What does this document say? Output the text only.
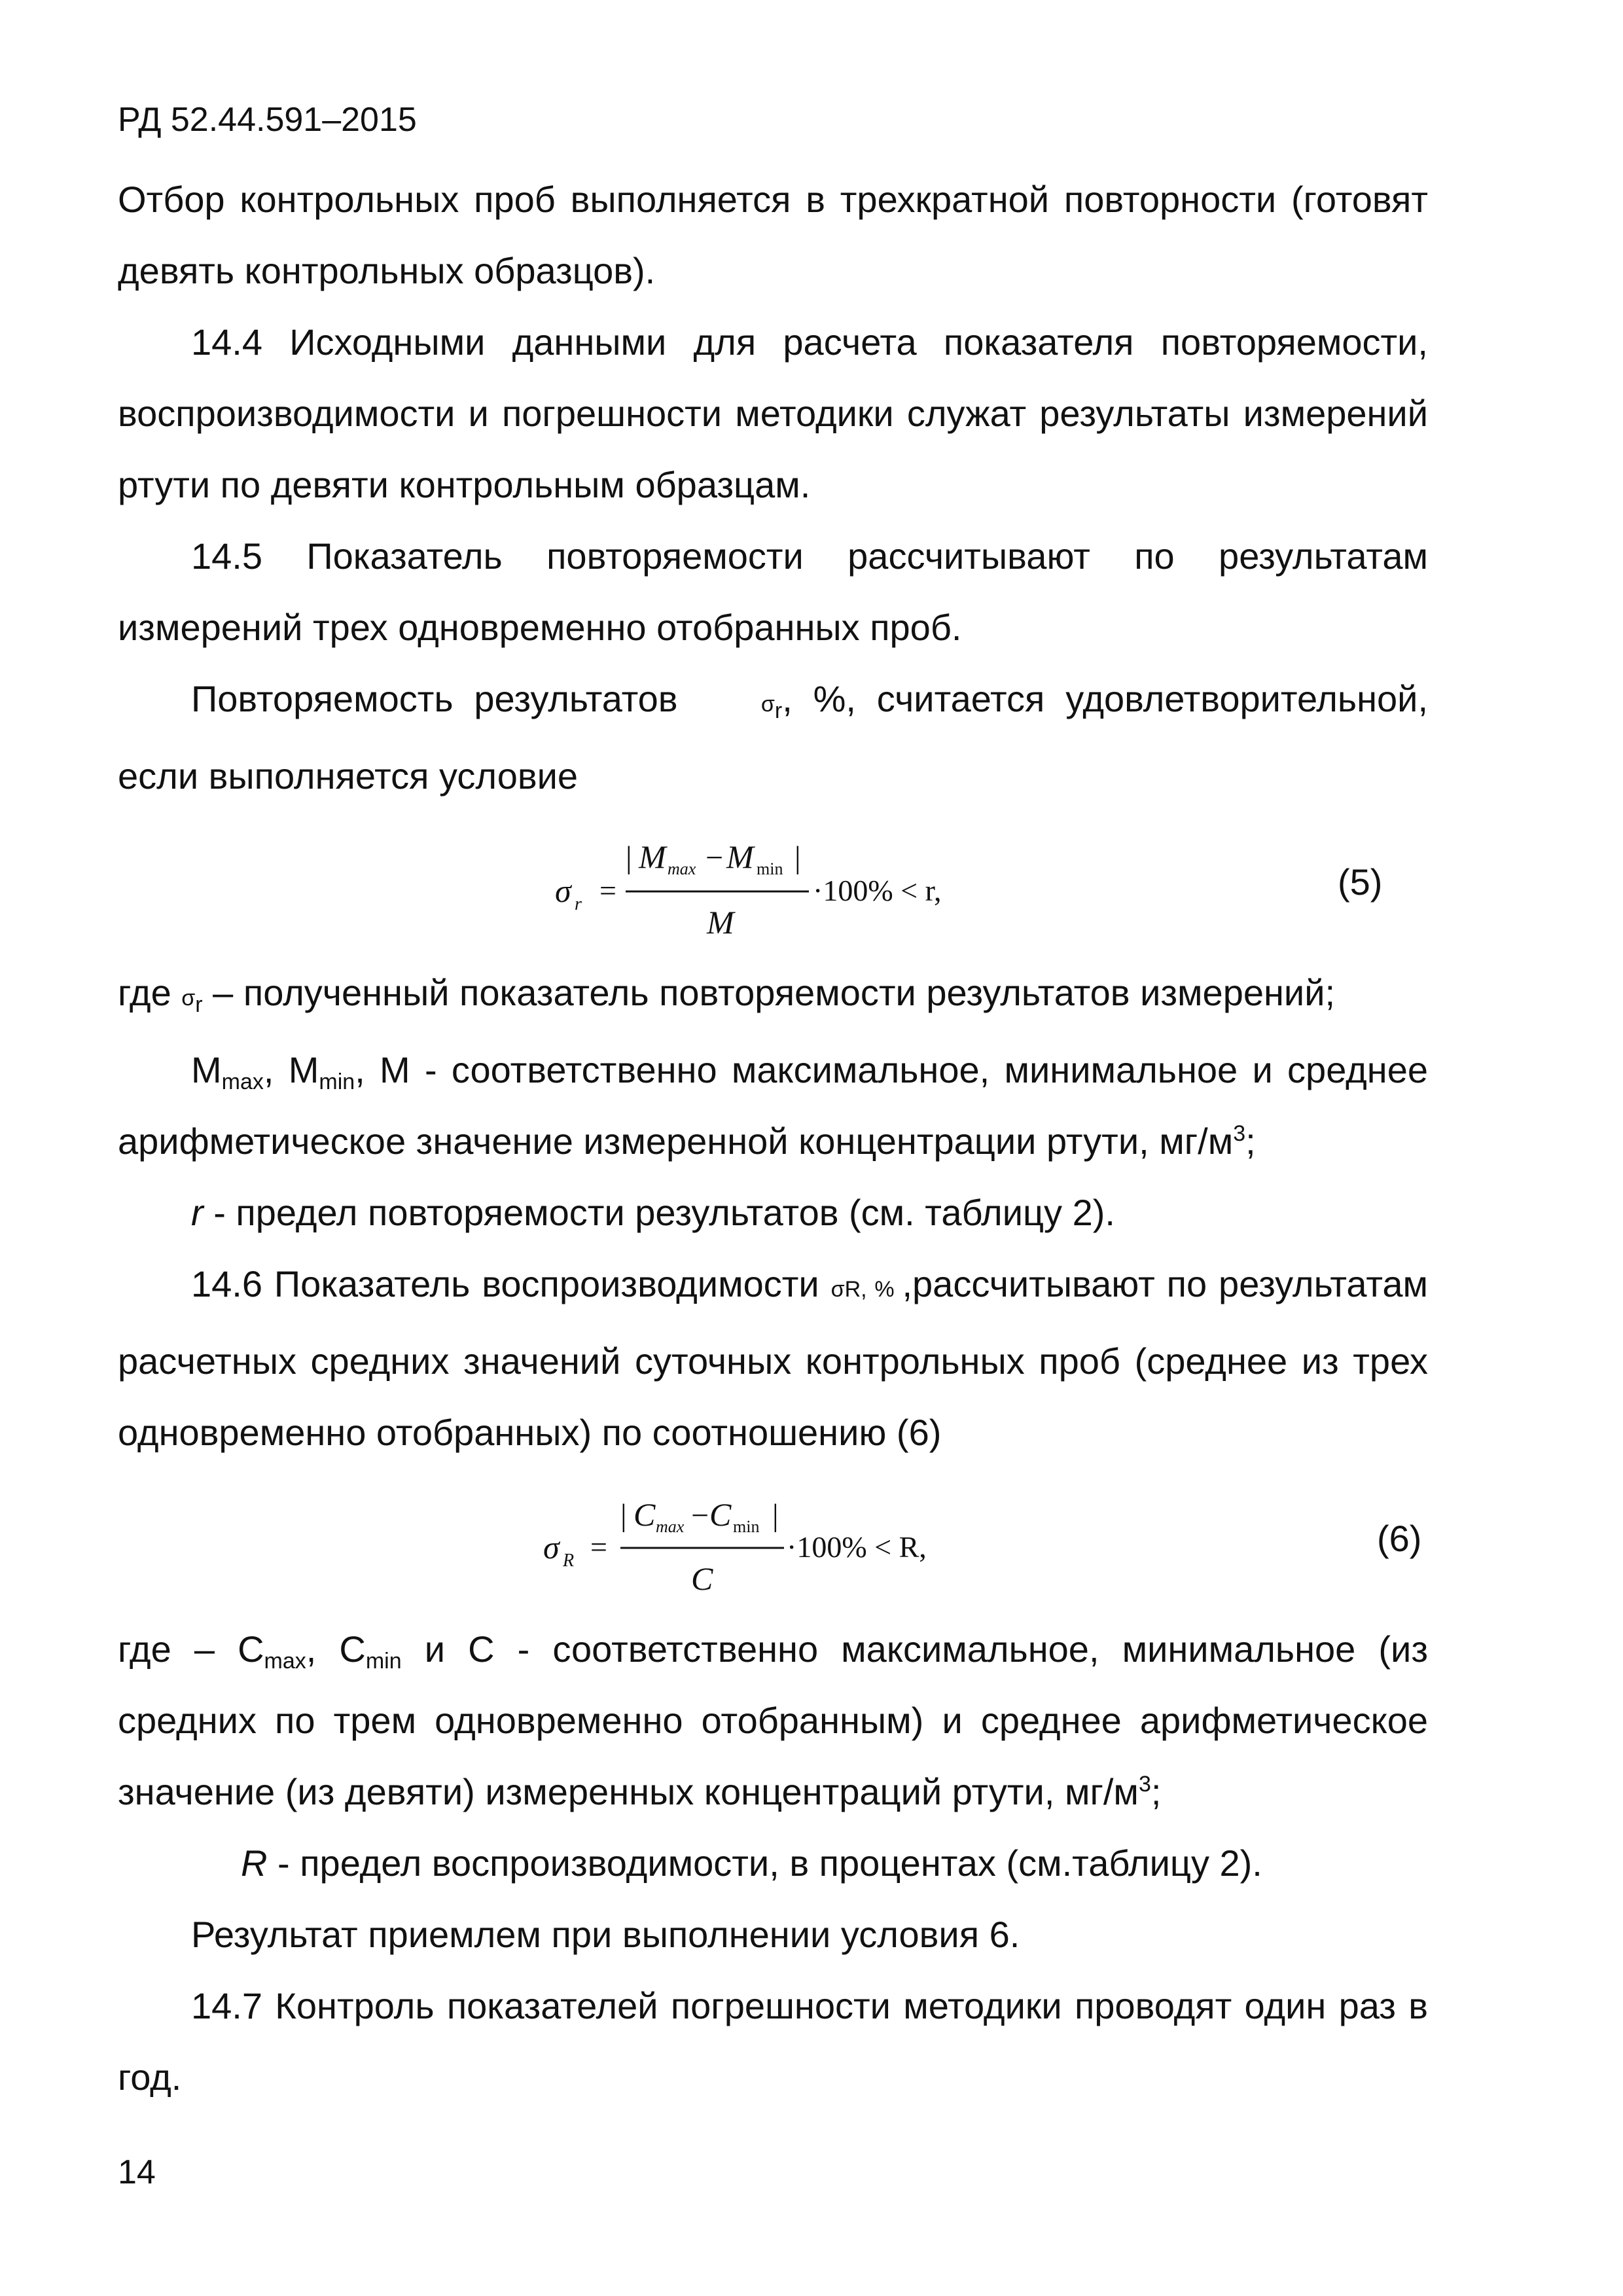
РД 52.44.591–2015

Отбор контрольных проб выполняется в трехкратной повторности (готовят девять контрольных образцов).

14.4 Исходными данными для расчета показателя повторяемости, воспроизводимости и погрешности методики служат результаты измерений ртути по девяти контрольным образцам.

14.5 Показатель повторяемости рассчитывают по результатам измерений трех одновременно отобранных проб.

Повторяемость результатов	$\sigma_r$, %, считается удовлетворительной, если выполняется условие

σ r =
| M max − M min |
M
·100% < r,	(5)

где $\sigma_r$ – полученный показатель повторяемости результатов измерений;

$M_{max}$, $M_{min}$, M - соответственно максимальное, минимальное и среднее арифметическое значение измеренной концентрации ртути, $мг/м^3$;

r - предел повторяемости результатов (см. таблицу 2).

14.6 Показатель воспроизводимости σR, % ,рассчитывают по результатам расчетных средних значений суточных контрольных проб (среднее из трех одновременно отобранных) по соотношению (6)

σ R =
| C max − C min |
C
·100% < R,	(6)

где – $C_{max}$, $C_{min}$ и C - соответственно максимальное, минимальное (из средних по трем одновременно отобранным) и среднее арифметическое значение (из девяти) измеренных концентраций ртути, $мг/м^3$;

R - предел воспроизводимости, в процентах (см.таблицу 2).

Результат приемлем при выполнении условия 6.

14.7 Контроль показателей погрешности методики проводят один раз в год.

14
